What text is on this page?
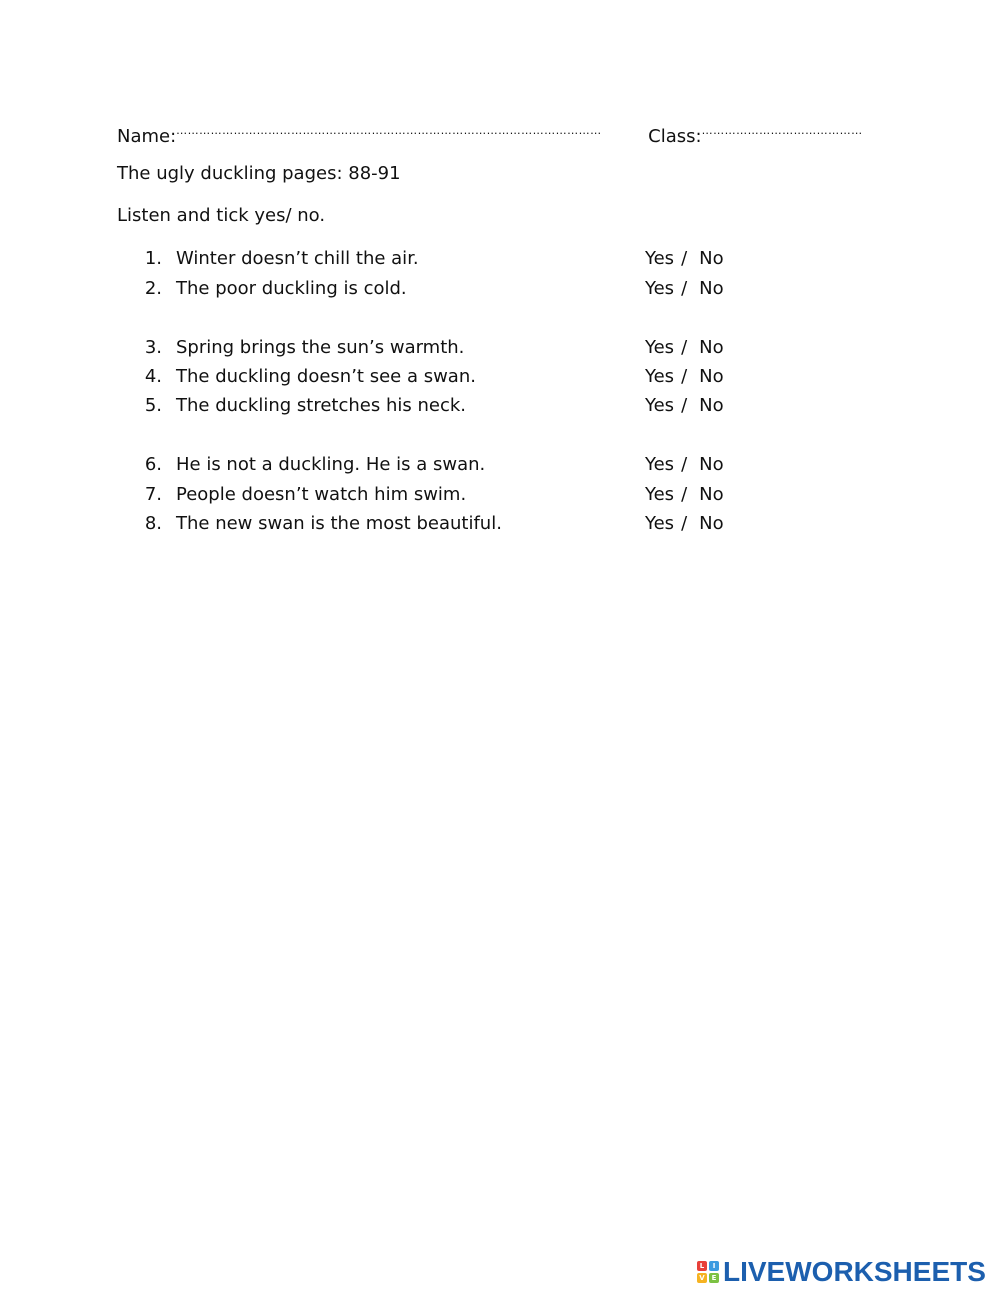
Name:…………………………………………………………………………………………………	Class:……………………………………
The ugly duckling pages: 88-91
Listen and tick yes/ no.
1. Winter doesn’t chill the air.	Yes / No
2. The poor duckling is cold.	Yes / No
3. Spring brings the sun’s warmth.	Yes / No
4. The duckling doesn’t see a swan.	Yes / No
5. The duckling stretches his neck.	Yes / No
6. He is not a duckling. He is a swan.	Yes / No
7. People doesn’t watch him swim.	Yes / No
8. The new swan is the most beautiful.	Yes / No
L	I
V E LIVEWORKSHEETS
